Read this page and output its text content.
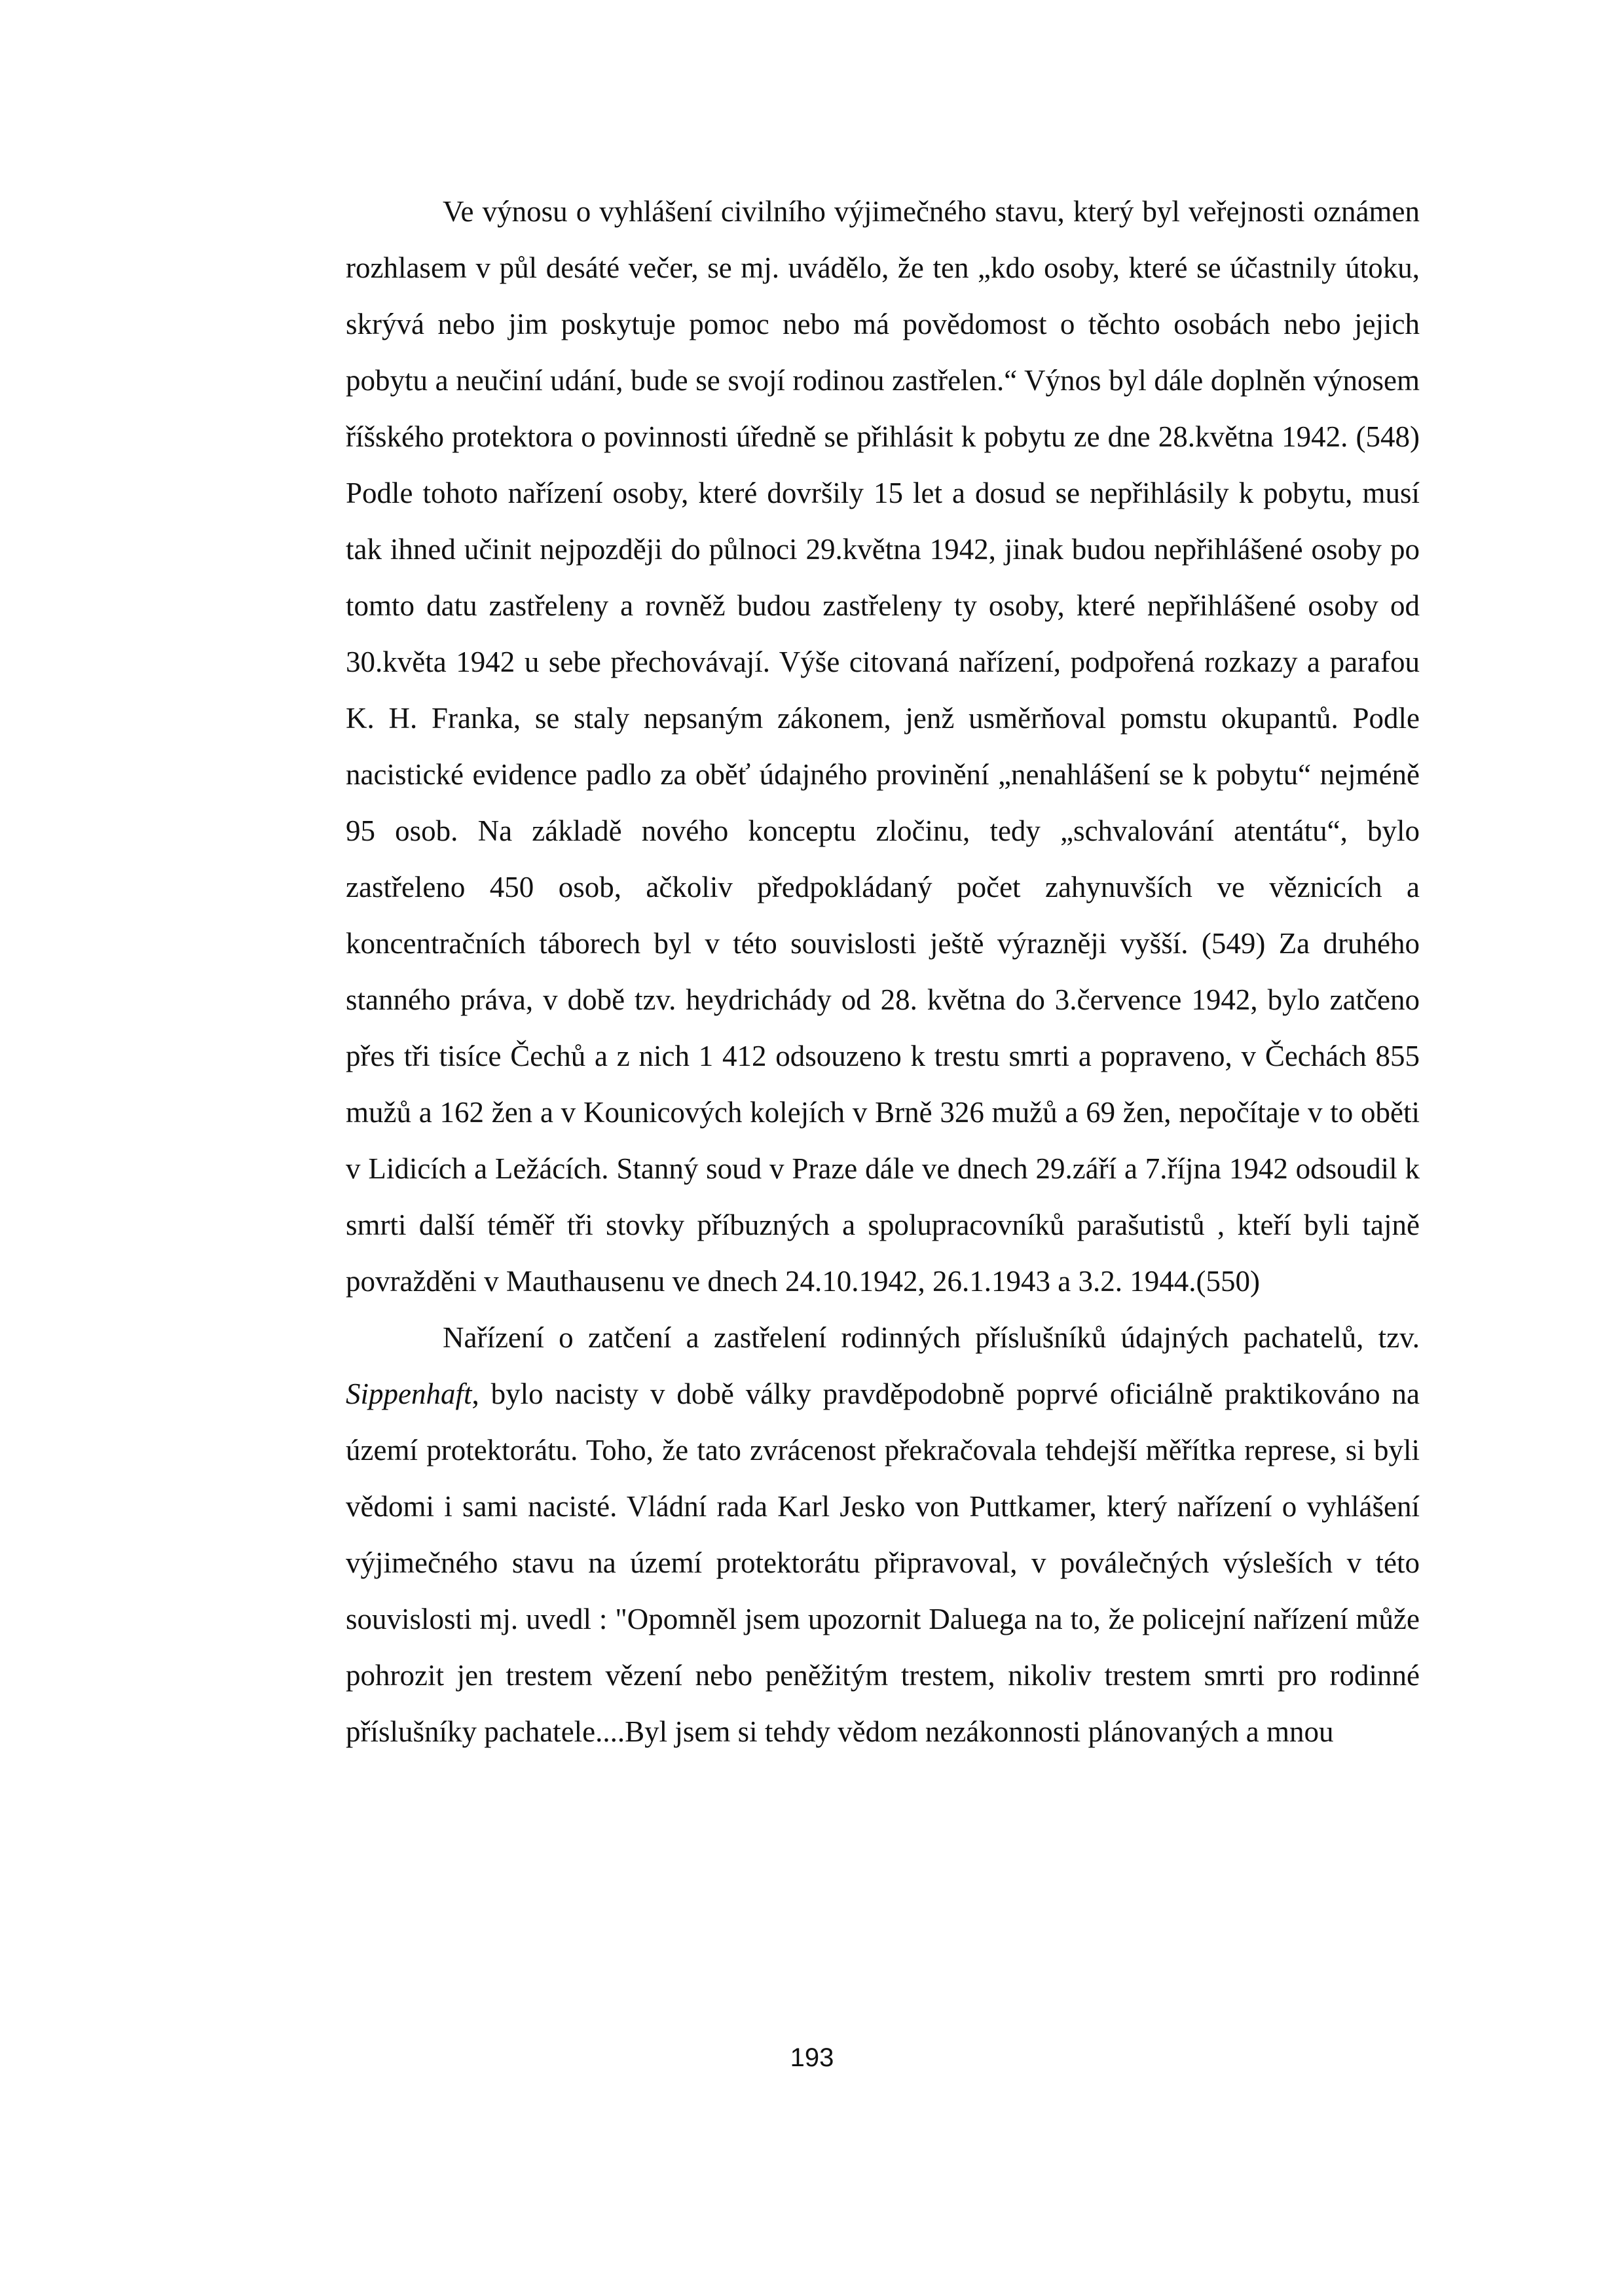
Ve výnosu o vyhlášení civilního výjimečného stavu, který byl veřejnosti oznámen rozhlasem v půl desáté večer, se mj. uvádělo, že ten „kdo osoby, které se účastnily útoku, skrývá nebo jim poskytuje pomoc nebo má povědomost o těchto osobách nebo jejich pobytu a neučiní udání, bude se svojí rodinou zastřelen.“ Výnos byl dále doplněn výnosem říšského protektora o povinnosti úředně se přihlásit k pobytu ze dne 28.května 1942. (548) Podle tohoto nařízení osoby, které dovršily 15 let a dosud se nepřihlásily k pobytu, musí tak ihned učinit nejpozději do půlnoci 29.května 1942, jinak budou nepřihlášené osoby po tomto datu zastřeleny a rovněž budou zastřeleny ty osoby, které nepřihlášené osoby od 30.květa 1942 u sebe přechovávají. Výše citovaná nařízení, podpořená rozkazy a parafou K. H. Franka, se staly nepsaným zákonem, jenž usměrňoval pomstu okupantů. Podle nacistické evidence padlo za oběť údajného provinění „nenahlášení se k pobytu“ nejméně 95 osob. Na základě nového konceptu zločinu, tedy „schvalování atentátu“, bylo zastřeleno 450 osob, ačkoliv předpokládaný počet zahynuvších ve věznicích a koncentračních táborech byl v této souvislosti ještě výrazněji vyšší. (549) Za druhého stanného práva, v době tzv. heydrichády od 28. května do 3.července 1942, bylo zatčeno přes tři tisíce Čechů a z nich 1 412 odsouzeno k trestu smrti a popraveno, v Čechách 855 mužů a 162 žen a v Kounicových kolejích v Brně 326 mužů a 69 žen, nepočítaje v to oběti v Lidicích a Ležácích. Stanný soud v Praze dále ve dnech 29.září a 7.října 1942 odsoudil k smrti další téměř tři stovky příbuzných a spolupracovníků parašutistů , kteří byli tajně povražděni v Mauthausenu ve dnech 24.10.1942, 26.1.1943 a 3.2. 1944.(550)

Nařízení o zatčení a zastřelení rodinných příslušníků údajných pachatelů, tzv. Sippenhaft, bylo nacisty v době války pravděpodobně poprvé oficiálně praktikováno na území protektorátu. Toho, že tato zvrácenost překračovala tehdejší měřítka represe, si byli vědomi i sami nacisté. Vládní rada Karl Jesko von Puttkamer, který nařízení o vyhlášení výjimečného stavu na území protektorátu připravoval, v poválečných výsleších v této souvislosti mj. uvedl : "Opomněl jsem upozornit Daluega na to, že policejní nařízení může pohrozit jen trestem vězení nebo peněžitým trestem, nikoliv trestem smrti pro rodinné příslušníky pachatele....Byl jsem si tehdy vědom nezákonnosti plánovaných a mnou

193
